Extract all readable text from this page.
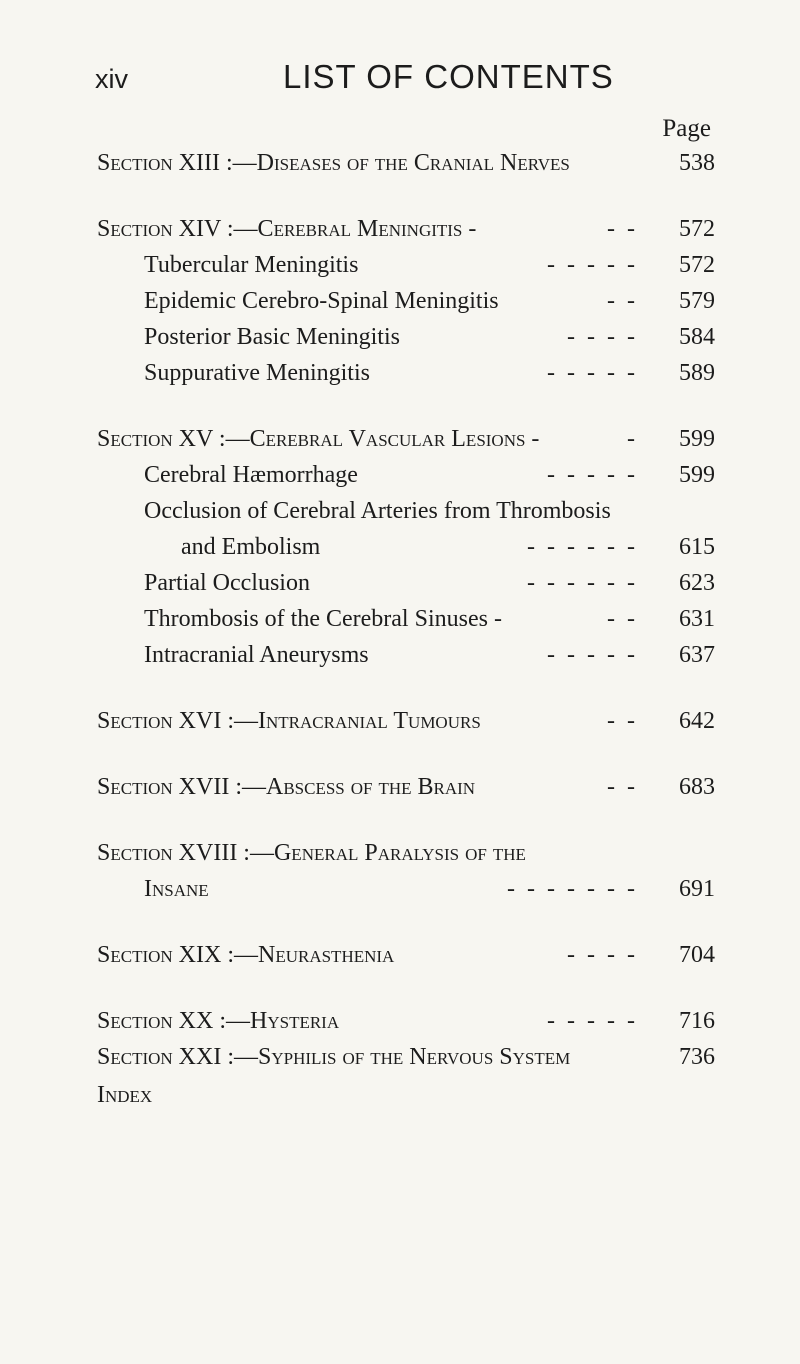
xiv	LIST OF CONTENTS
Page
Section XIII :—Diseases of the Cranial Nerves	538
Section XIV :—Cerebral Meningitis -	-  - 572
Tubercular Meningitis	-  -  -  -  - 572
Epidemic Cerebro-Spinal Meningitis	-  - 579
Posterior Basic Meningitis	-  -  -  - 584
Suppurative Meningitis	-  -  -  -  - 589
Section XV :—Cerebral Vascular Lesions -	- 599
Cerebral Hæmorrhage	-  -  -  -  - 599
Occlusion of Cerebral Arteries from Thrombosis
and Embolism	-  -  -  -  -  - 615
Partial Occlusion	-  -  -  -  -  - 623
Thrombosis of the Cerebral Sinuses -	-  - 631
Intracranial Aneurysms	-  -  -  -  - 637
Section XVI :—Intracranial Tumours	-  - 642
Section XVII :—Abscess of the Brain	-  - 683
Section XVIII :—General Paralysis of the
Insane	-  -  -  -  -  -  - 691
Section XIX :—Neurasthenia	-  -  -  - 704
Section XX :—Hysteria	-  -  -  -  - 716
Section XXI :—Syphilis of the Nervous System	736
Index
